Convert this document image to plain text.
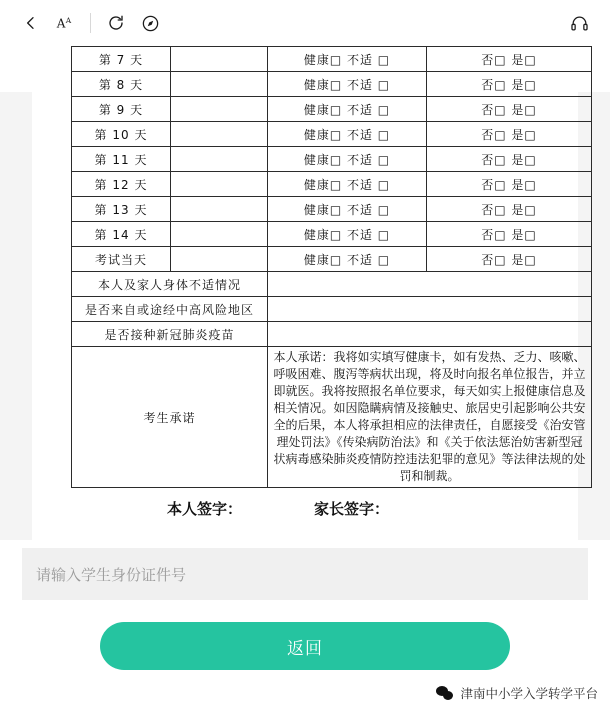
A A
第 7 天		健康□ 不适 □	否□ 是□
第 8 天		健康□ 不适 □	否□ 是□
第 9 天		健康□ 不适 □	否□ 是□
第 10 天		健康□ 不适 □	否□ 是□
第 11 天		健康□ 不适 □	否□ 是□
第 12 天		健康□ 不适 □	否□ 是□
第 13 天		健康□ 不适 □	否□ 是□
第 14 天		健康□ 不适 □	否□ 是□
考试当天		健康□ 不适 □	否□ 是□
本人及家人身体不适情况			
是否来自或途经中高风险地区			
是否接种新冠肺炎疫苗			
考生承诺		本人承诺：我将如实填写健康卡，如有发热、乏力、咳嗽、呼吸困难、腹泻等病状出现，将及时向报名单位报告，并立即就医。我将按照报名单位要求，每天如实上报健康信息及相关情况。如因隐瞒病情及接触史、旅居史引起影响公共安全的后果，本人将承担相应的法律责任，自愿接受《治安管理处罚法》《传染病防治法》和《关于依法惩治妨害新型冠状病毒感染肺炎疫情防控违法犯罪的意见》等法律法规的处罚和制裁。	
本人签字：	家长签字：
请输入学生身份证件号
返回
津南中小学入学转学平台
